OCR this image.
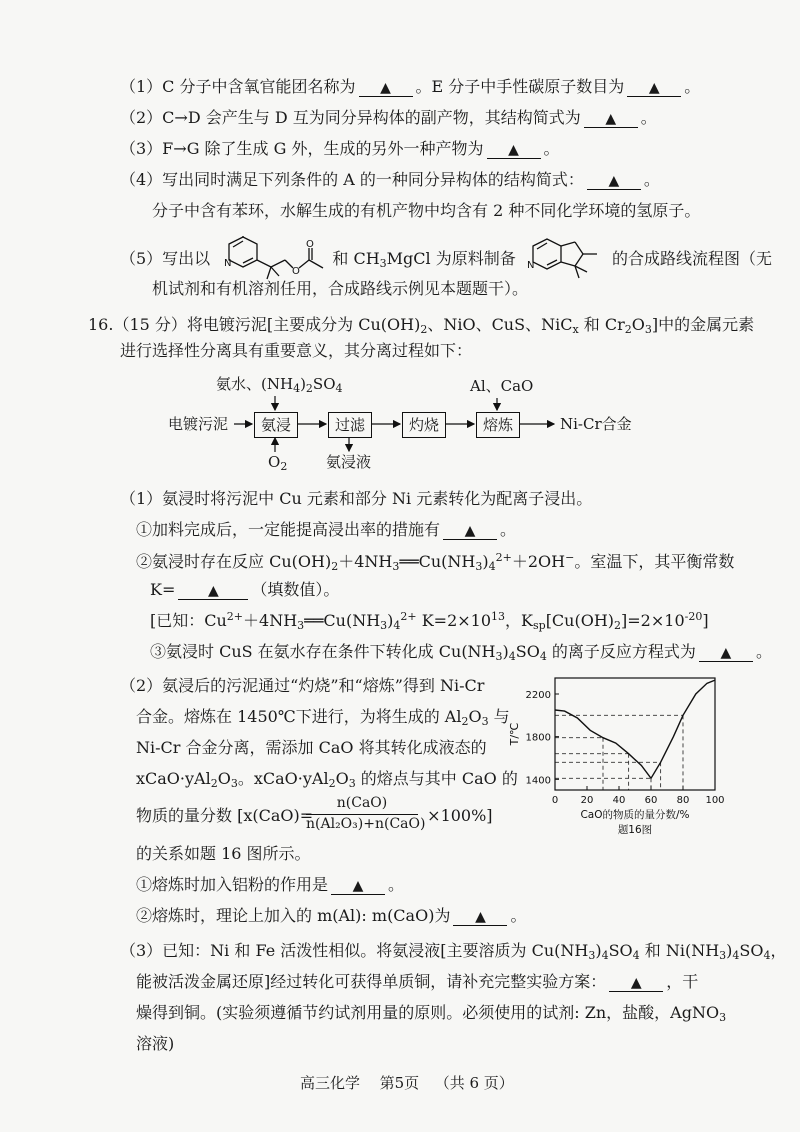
（1）C 分子中含氧官能团名称为 ▲ 。E 分子中手性碳原子数目为 ▲ 。
（2）C→D 会产生与 D 互为同分异构体的副产物，其结构简式为 ▲ 。
（3）F→G 除了生成 G 外，生成的另外一种产物为 ▲ 。
（4）写出同时满足下列条件的 A 的一种同分异构体的结构简式： ▲ 。
分子中含有苯环，水解生成的有机产物中均含有 2 种不同化学环境的氢原子。
（5）写出以 N
O
O
和 $CH_3MgCl$ 为原料制备 N	的合成路线流程图（无
机试剂和有机溶剂任用，合成路线示例见本题题干）。
16.（15 分）将电镀污泥[主要成分为 $Cu(OH)_2$、NiO、CuS、NiC$_x$ 和 $Cr_2O_3$]中的金属元素
进行选择性分离具有重要意义，其分离过程如下：
氨水、$(NH_4)_2SO_4$	Al、CaO
电镀污泥	氨浸	过滤	灼烧	熔炼	Ni-Cr合金
$O_2$	氨浸液
（1）氨浸时将污泥中 Cu 元素和部分 Ni 元素转化为配离子浸出。
①加料完成后，一定能提高浸出率的措施有 ▲ 。
②氨浸时存在反应 $Cu(OH)_2+4NH_3══Cu(NH_3)_4^{2+}+2OH^-$。室温下，其平衡常数
K= ▲ （填数值）。
[已知：$Cu^{2+}+4NH_3══Cu(NH_3)_4^{2+}$ $K=2\times 10^{13}$，$K_{sp}[Cu(OH)_2]=2\times 10^{-20}$]
③氨浸时 CuS 在氨水存在条件下转化成 $Cu(NH_3)_4SO_4$ 的离子反应方程式为 ▲ 。
（2）氨浸后的污泥通过“灼烧”和“熔炼”得到 Ni-Cr
合金。熔炼在 1450℃下进行，为将生成的 $Al_2O_3$ 与
Ni-Cr 合金分离，需添加 CaO 将其转化成液态的
$xCaO\cdot yAl_2O_3$。$xCaO\cdot yAl_2O_3$ 的熔点与其中 CaO 的
物质的量分数 [x(CaO)=	×100%]
n(CaO)
n(Al₂O₃)+n(CaO)
的关系如题 16 图所示。
①熔炼时加入铝粉的作用是 ▲ 。
②熔炼时，理论上加入的 m(Al): m(CaO)为 ▲ 。
0 20 40 60 80 100
1400
1800
2200
T/℃
CaO的物质的量分数/%
题16图
（3）已知：Ni 和 Fe 活泼性相似。将氨浸液[主要溶质为 $Cu(NH_3)_4SO_4$ 和 $Ni(NH_3)_4SO_4$，
能被活泼金属还原]经过转化可获得单质铜，请补充完整实验方案： ▲ ，干
燥得到铜。(实验须遵循节约试剂用量的原则。必须使用的试剂: Zn，盐酸，AgNO$_3$
溶液)
高三化学 第5页 （共 6 页）
